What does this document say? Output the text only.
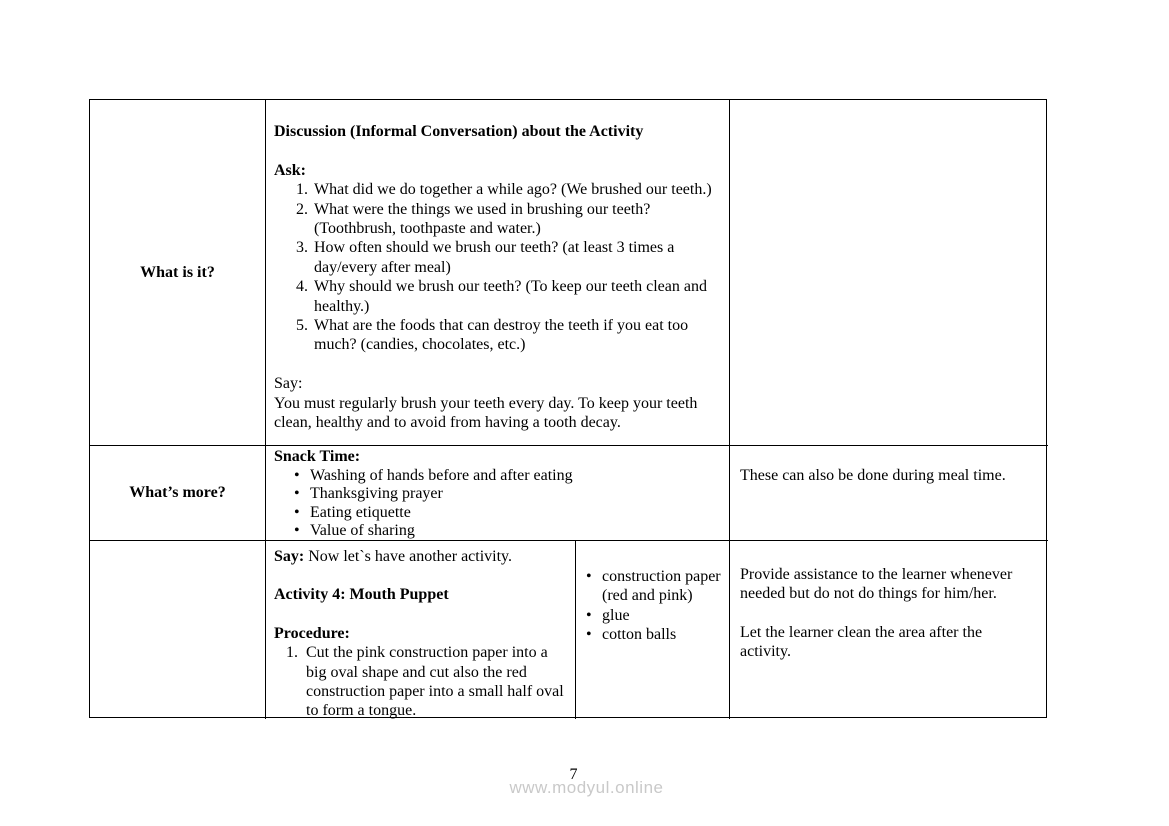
What is it?
Discussion (Informal Conversation) about the Activity
Ask:
1. What did we do together a while ago? (We brushed our teeth.)
2. What were the things we used in brushing our teeth? (Toothbrush, toothpaste and water.)
3. How often should we brush our teeth? (at least 3 times a day/every after meal)
4. Why should we brush our teeth? (To keep our teeth clean and healthy.)
5. What are the foods that can destroy the teeth if you eat too much? (candies, chocolates, etc.)
Say:
You must regularly brush your teeth every day. To keep your teeth clean, healthy and to avoid from having a tooth decay.
What’s more?
Snack Time:
• Washing of hands before and after eating
• Thanksgiving prayer
• Eating etiquette
• Value of sharing
These can also be done during meal time.
Say: Now let`s have another activity.
Activity 4: Mouth Puppet
Procedure:
1. Cut the pink construction paper into a big oval shape and cut also the red construction paper into a small half oval to form a tongue.
• construction paper (red and pink)
• glue
• cotton balls
Provide assistance to the learner whenever needed but do not do things for him/her.
Let the learner clean the area after the activity.
7
www.modyul.online
